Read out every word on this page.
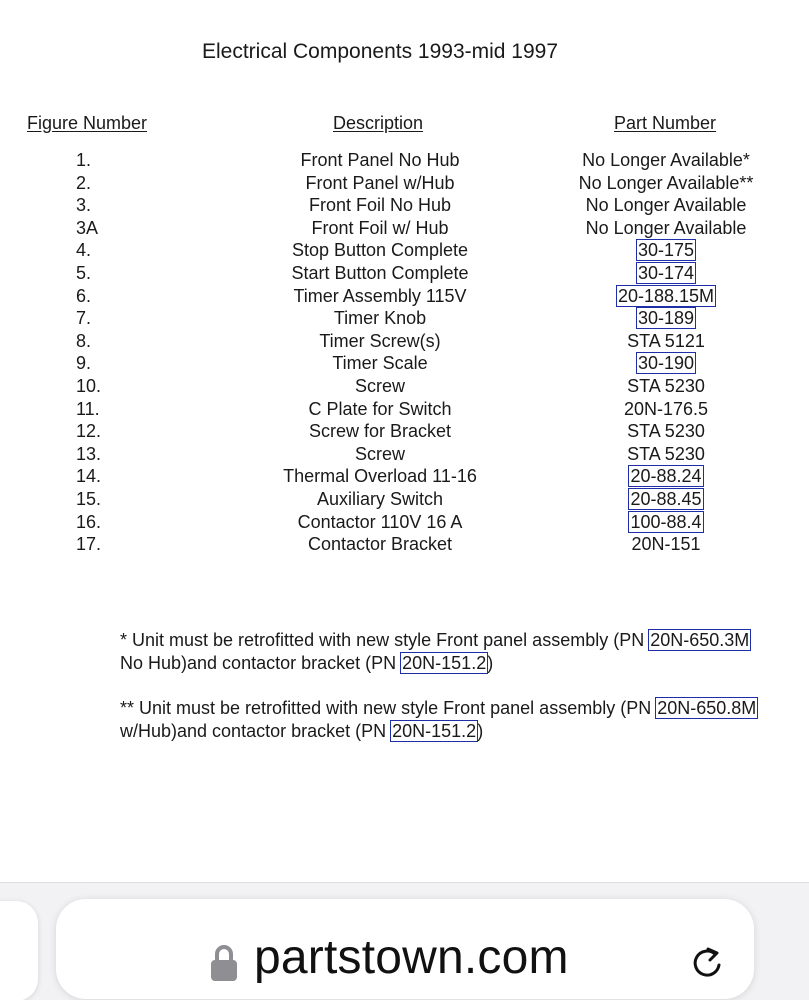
Electrical Components 1993-mid 1997
Figure Number	Description	Part Number
1.	Front Panel No Hub	No Longer Available*
2.	Front Panel w/Hub	No Longer Available**
3.	Front Foil No Hub	No Longer Available
3A	Front Foil w/ Hub	No Longer Available
4.	Stop Button Complete	30-175
5.	Start Button Complete	30-174
6.	Timer Assembly 115V	20-188.15M
7.	Timer Knob	30-189
8.	Timer Screw(s)	STA 5121
9.	Timer Scale	30-190
10.	Screw	STA 5230
11.	C Plate for Switch	20N-176.5
12.	Screw for Bracket	STA 5230
13.	Screw	STA 5230
14.	Thermal Overload 11-16	20-88.24
15.	Auxiliary Switch	20-88.45
16.	Contactor 110V 16 A	100-88.4
17.	Contactor Bracket	20N-151
* Unit must be retrofitted with new style Front panel assembly (PN 20N-650.3M
No Hub)and contactor bracket (PN 20N-151.2)
** Unit must be retrofitted with new style Front panel assembly (PN 20N-650.8M w/Hub)and contactor bracket (PN 20N-151.2)
partstown.com
